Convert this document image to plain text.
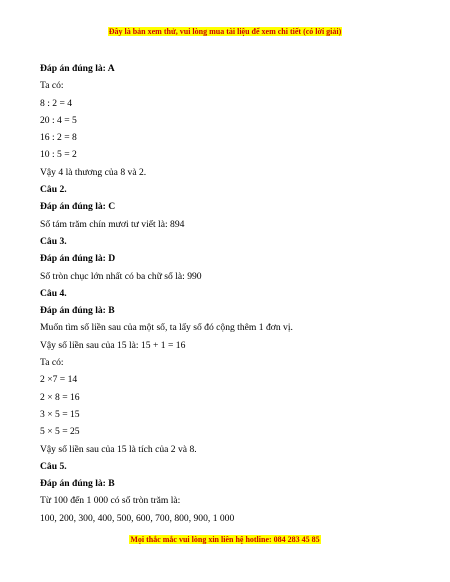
Đây là bản xem thử, vui lòng mua tài liệu để xem chi tiết (có lời giải)
Đáp án đúng là: A
Ta có:
8 : 2 = 4
20 : 4 = 5
16 : 2 = 8
10 : 5 = 2
Vậy 4 là thương của 8 và 2.
Câu 2.
Đáp án đúng là: C
Số tám trăm chín mươi tư viết là: 894
Câu 3.
Đáp án đúng là: D
Số tròn chục lớn nhất có ba chữ số là: 990
Câu 4.
Đáp án đúng là: B
Muốn tìm số liền sau của một số, ta lấy số đó cộng thêm 1 đơn vị.
Vậy số liền sau của 15 là: 15 + 1 = 16
Ta có:
2 ×7 = 14
2 × 8 = 16
3 × 5 = 15
5 × 5 = 25
Vậy số liền sau của 15 là tích của 2 và 8.
Câu 5.
Đáp án đúng là: B
Từ 100 đến 1 000 có số tròn trăm là:
100, 200, 300, 400, 500, 600, 700, 800, 900, 1 000
Mọi thắc mắc vui lòng xin liên hệ hotline: 084 283 45 85
